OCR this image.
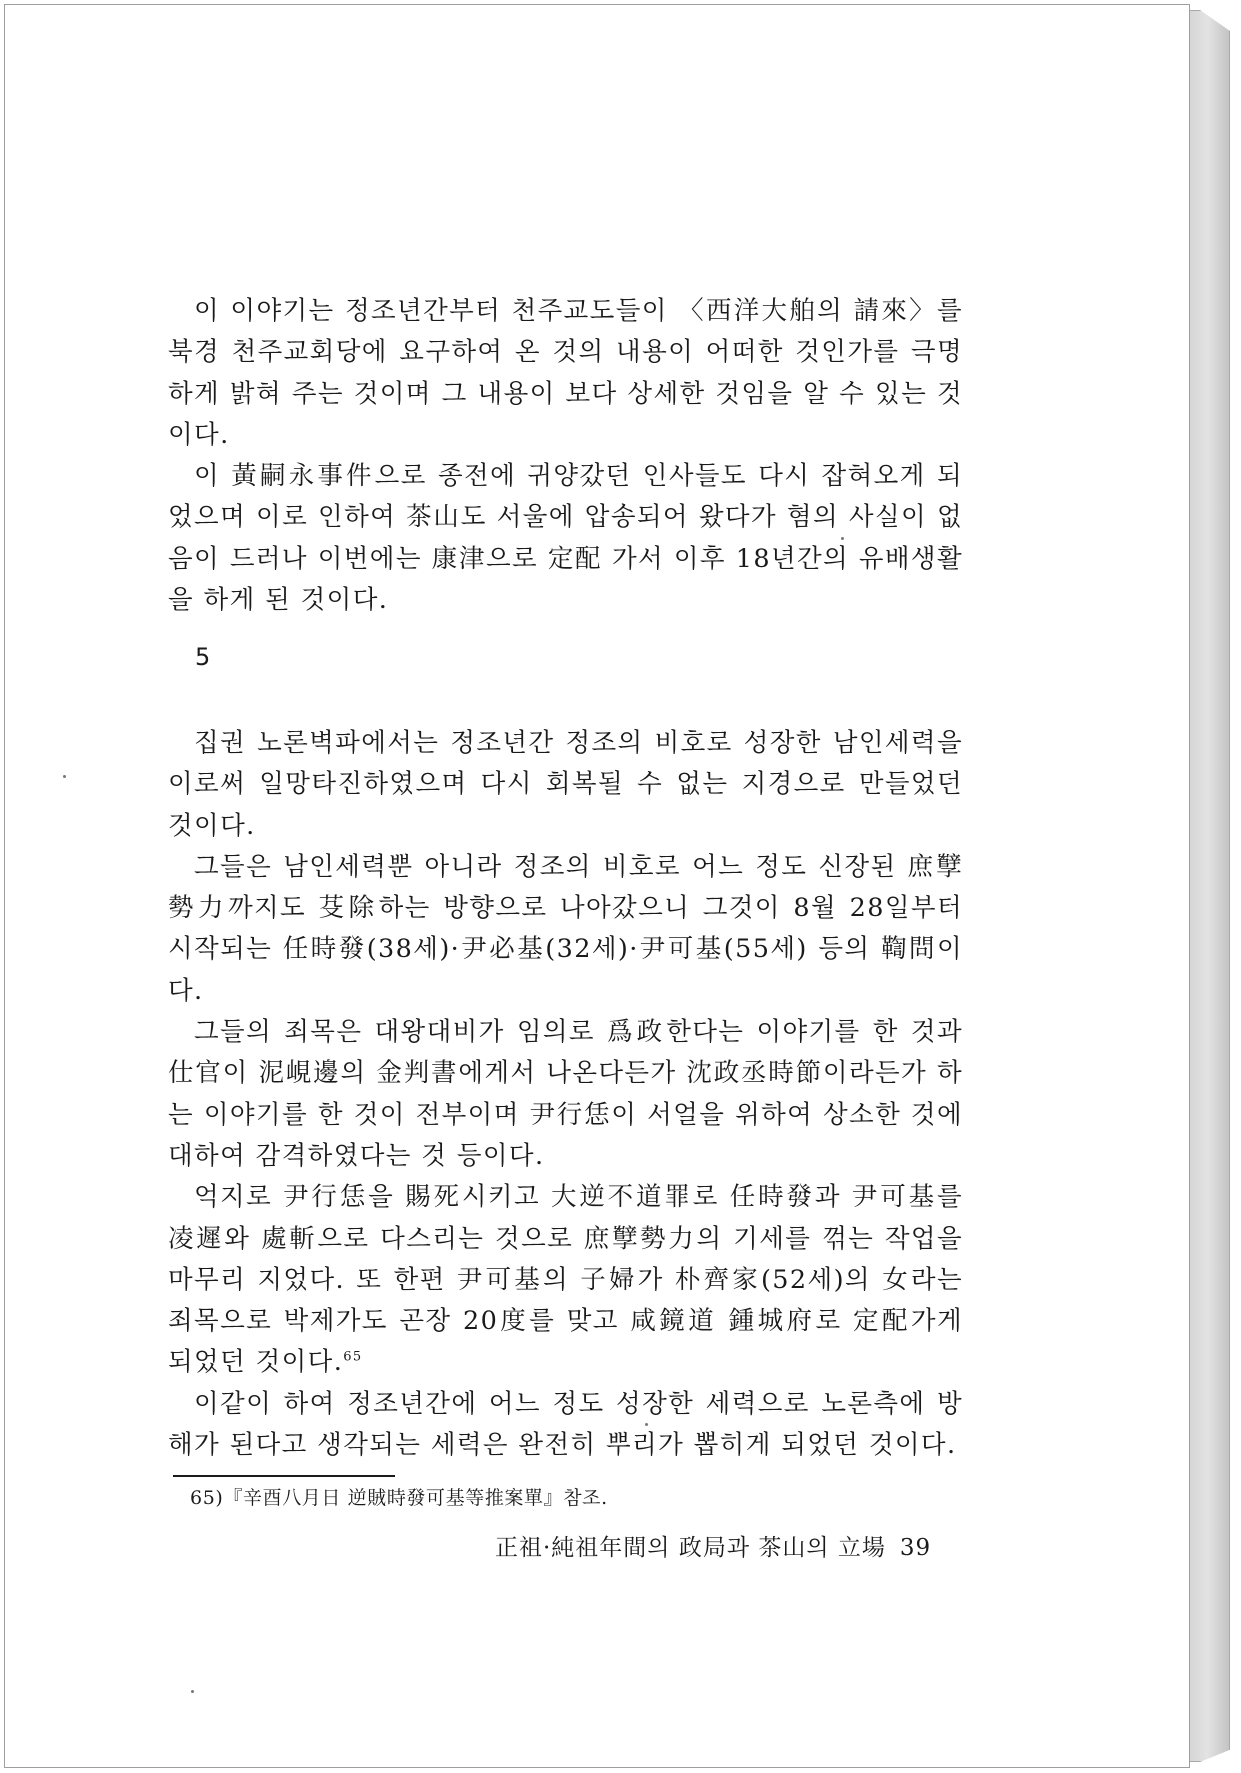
이 이야기는 정조년간부터 천주교도들이 〈西洋大舶의 請來〉를 북경 천주교회당에 요구하여 온 것의 내용이 어떠한 것인가를 극명하게 밝혀 주는 것이며 그 내용이 보다 상세한 것임을 알 수 있는 것이다.

이 黃嗣永事件으로 종전에 귀양갔던 인사들도 다시 잡혀오게 되었으며 이로 인하여 茶山도 서울에 압송되어 왔다가 혐의 사실이 없음이 드러나 이번에는 康津으로 定配 가서 이후 18년간의 유배생활을 하게 된 것이다.

5

집권 노론벽파에서는 정조년간 정조의 비호로 성장한 남인세력을 이로써 일망타진하였으며 다시 회복될 수 없는 지경으로 만들었던 것이다.

그들은 남인세력뿐 아니라 정조의 비호로 어느 정도 신장된 庶孼勢力까지도 芟除하는 방향으로 나아갔으니 그것이 8월 28일부터 시작되는 任時發(38세)·尹必基(32세)·尹可基(55세) 등의 鞫問이다.

그들의 죄목은 대왕대비가 임의로 爲政한다는 이야기를 한 것과 仕官이 泥峴邊의 金判書에게서 나온다든가 沈政丞時節이라든가 하는 이야기를 한 것이 전부이며 尹行恁이 서얼을 위하여 상소한 것에 대하여 감격하였다는 것 등이다.

억지로 尹行恁을 賜死시키고 大逆不道罪로 任時發과 尹可基를 凌遲와 處斬으로 다스리는 것으로 庶孼勢力의 기세를 꺾는 작업을 마무리 지었다. 또 한편 尹可基의 子婦가 朴齊家(52세)의 女라는 죄목으로 박제가도 곤장 20度를 맞고 咸鏡道 鍾城府로 定配가게 되었던 것이다.$^{65}$

이같이 하여 정조년간에 어느 정도 성장한 세력으로 노론측에 방해가 된다고 생각되는 세력은 완전히 뿌리가 뽑히게 되었던 것이다.

65)『辛酉八月日 逆賊時發可基等推案單』참조.
正祖·純祖年間의 政局과 茶山의 立場 39
